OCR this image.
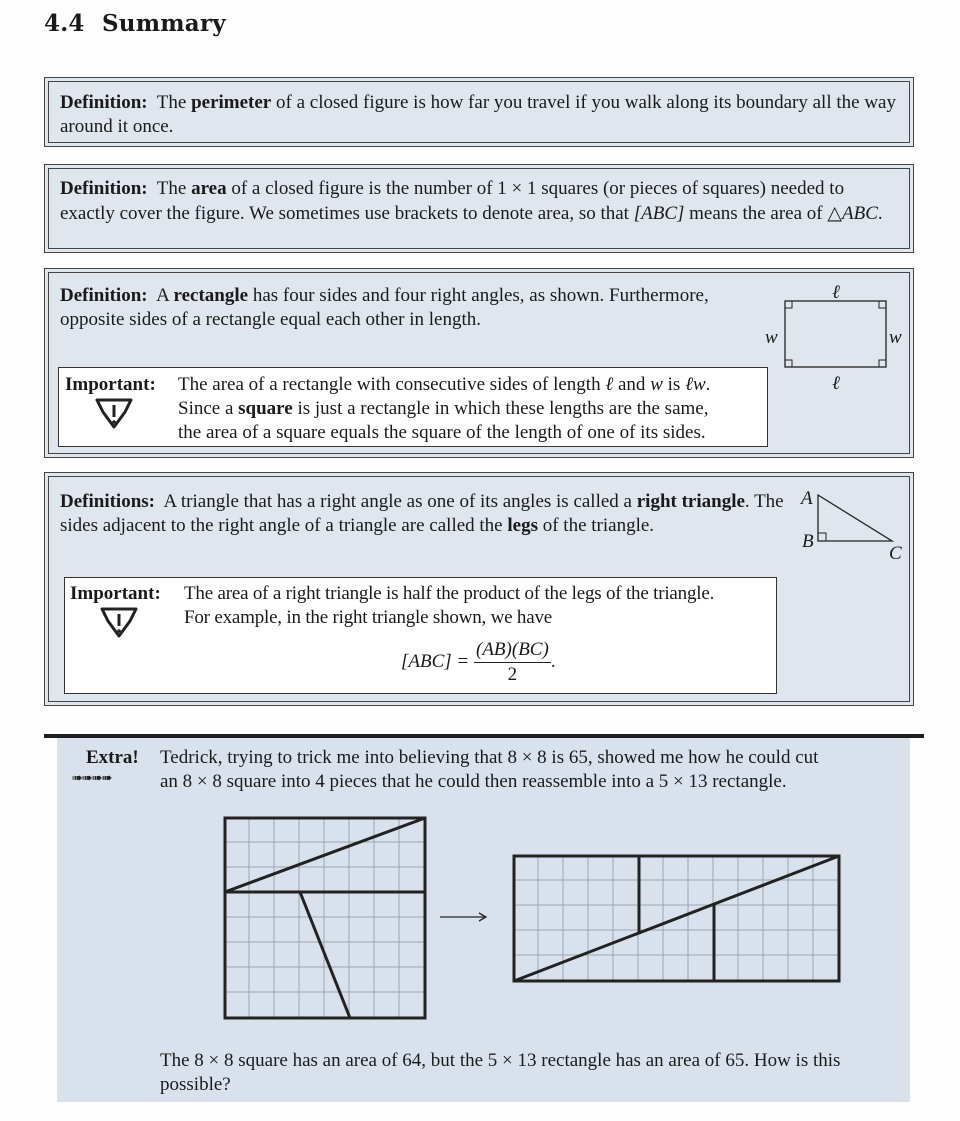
4.4 Summary
Definition: The perimeter of a closed figure is how far you travel if you walk along its boundary all the way around it once.
Definition: The area of a closed figure is the number of 1 × 1 squares (or pieces of squares) needed to exactly cover the figure. We sometimes use brackets to denote area, so that [ABC] means the area of △ABC.
Definition: A rectangle has four sides and four right angles, as shown. Furthermore, opposite sides of a rectangle equal each other in length.
ℓ
ℓ
w	w
Important: The area of a rectangle with consecutive sides of length ℓ and w is ℓw.
Since a square is just a rectangle in which these lengths are the same,
the area of a square equals the square of the length of one of its sides.
Definitions: A triangle that has a right angle as one of its angles is called a right triangle. The sides adjacent to the right angle of a triangle are called the legs of the triangle.
A
B
C
Important: The area of a right triangle is half the product of the legs of the triangle.
For example, in the right triangle shown, we have
$[ABC] = \frac{(AB)(BC)}{2}$ .
Extra!
➠➠➠➠
Tedrick, trying to trick me into believing that 8 × 8 is 65, showed me how he could cut
an 8 × 8 square into 4 pieces that he could then reassemble into a 5 × 13 rectangle.
The 8 × 8 square has an area of 64, but the 5 × 13 rectangle has an area of 65. How is this
possible?
